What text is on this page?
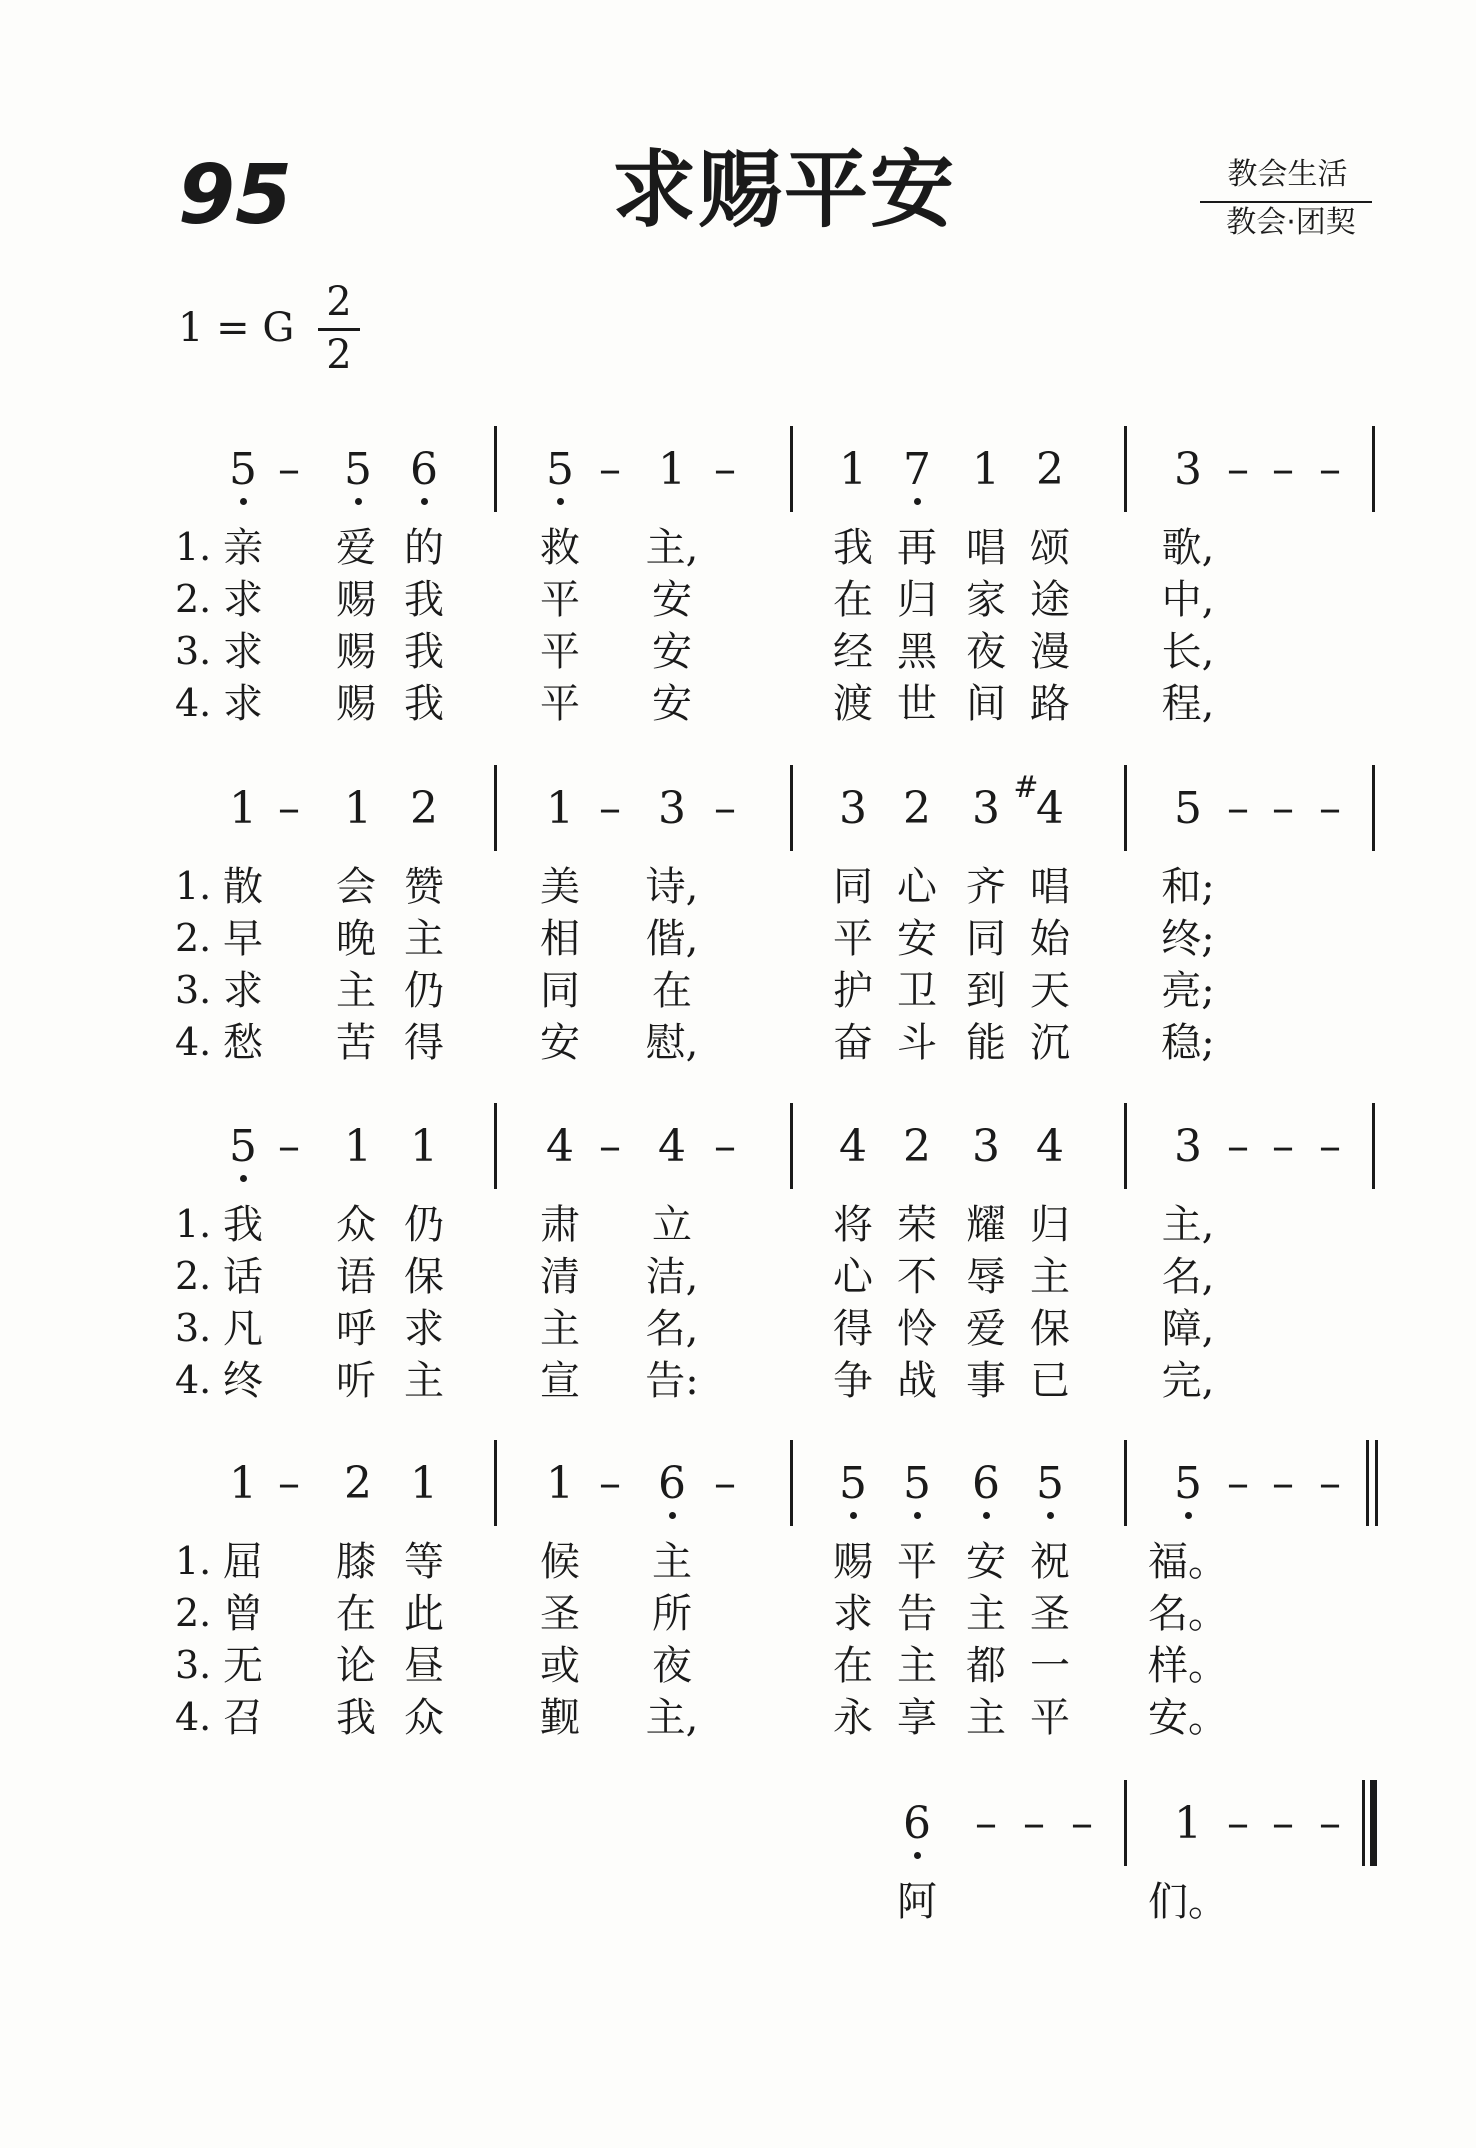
95	求赐平安	教会生活
教会·团契
1 = G
2
2
5 – 5 6 5 – 1 – 1 7 1 2	3 – – –
1. 亲 爱 的 救 主,	我 再 唱 颂 歌,
2. 求 赐 我 平 安	在 归 家 途 中,
3. 求 赐 我 平 安	经 黑 夜 漫 长,
4. 求 赐 我 平 安	渡 世 间 路 程,
1 – 1 2 1 – 3 – 3 2 3 4
#	5 – – –
1. 散 会 赞 美 诗,	同 心 齐 唱 和;
2. 早 晚 主 相 偕,	平 安 同 始 终;
3. 求 主 仍 同 在	护 卫 到 天 亮;
4. 愁 苦 得 安 慰,	奋 斗 能 沉 稳;
5 – 1 1 4 – 4 – 4 2 3 4	3 – – –
1. 我 众 仍 肃 立	将 荣 耀 归 主,
2. 话 语 保 清 洁,	心 不 辱 主 名,
3. 凡 呼 求 主 名,	得 怜 爱 保 障,
4. 终 听 主 宣 告:	争 战 事 已 完,
1 – 2 1 1 – 6 – 5 5 6 5	5 – – –
1. 屈 膝 等 候 主	赐 平 安 祝 福。
2. 曾 在 此 圣 所	求 告 主 圣 名。
3. 无 论 昼 或 夜	在 主 都 一 样。
4. 召 我 众 觐 主,	永 享 主 平 安。
6 – – – 1 – – –
阿	们。
